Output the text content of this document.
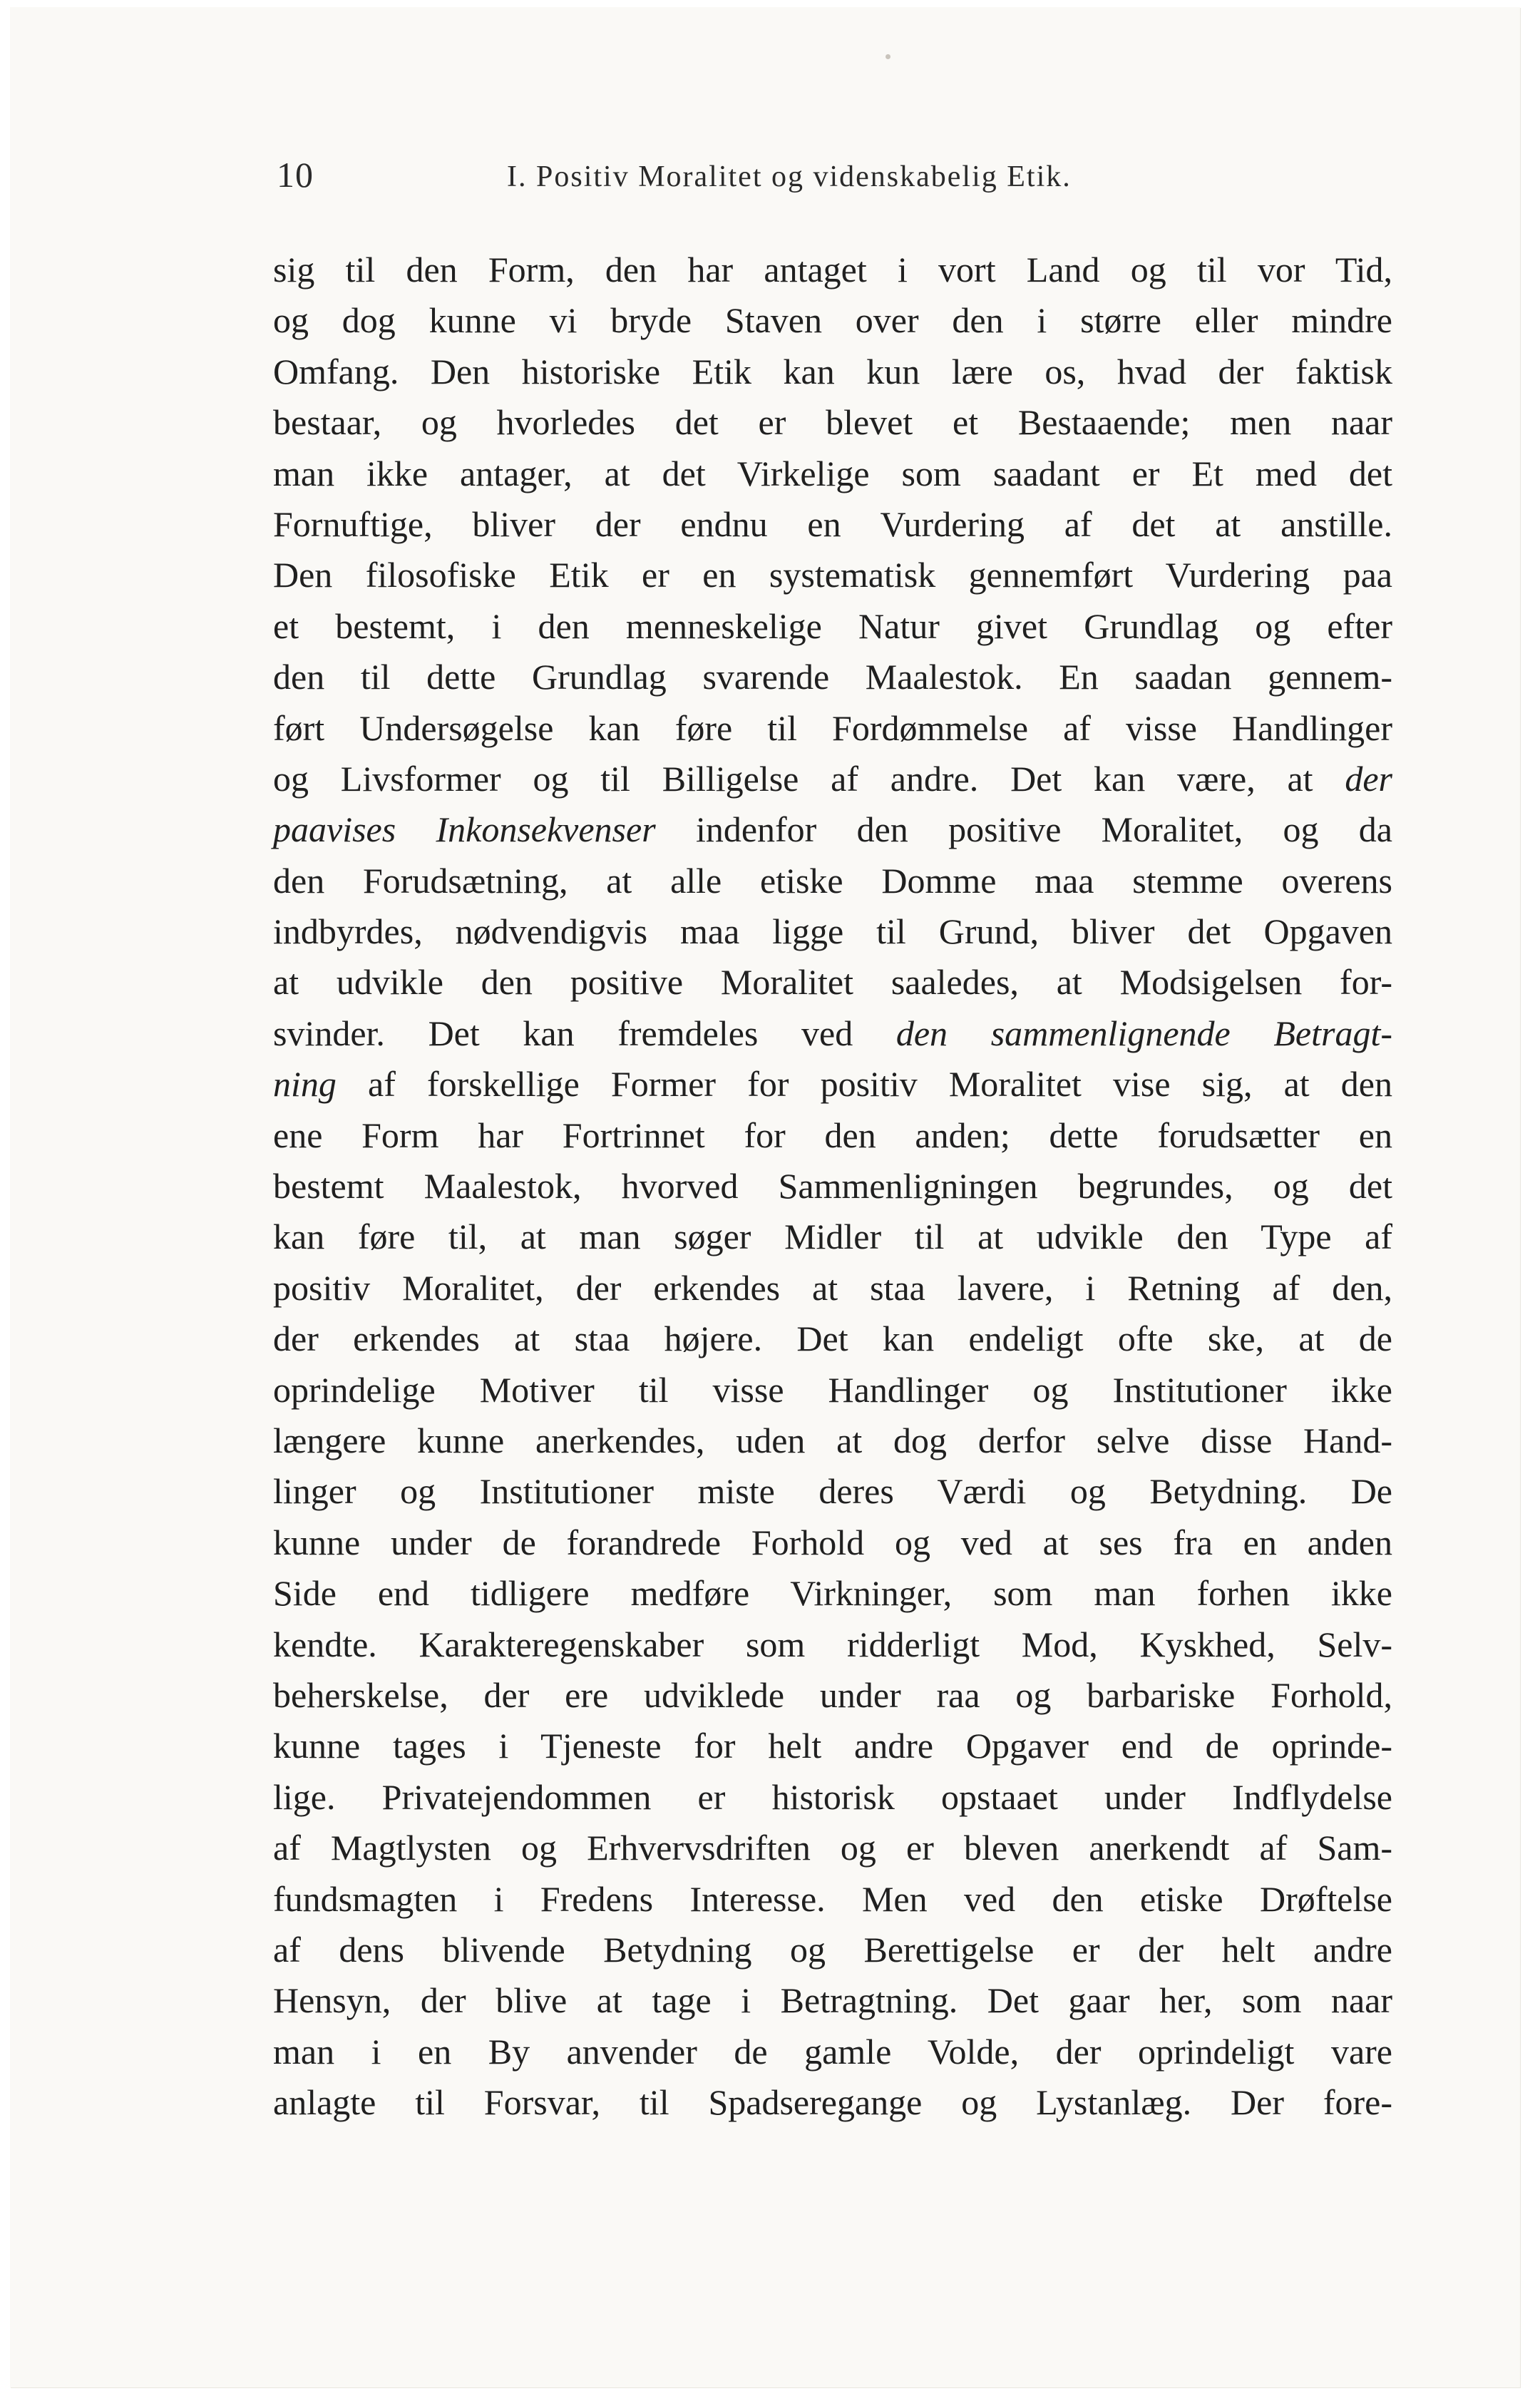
10	I. Positiv Moralitet og videnskabelig Etik.
sig til den Form, den har antaget i vort Land og til vor Tid,
og dog kunne vi bryde Staven over den i større eller mindre
Omfang. Den historiske Etik kan kun lære os, hvad der faktisk
bestaar, og hvorledes det er blevet et Bestaaende; men naar
man ikke antager, at det Virkelige som saadant er Et med det
Fornuftige, bliver der endnu en Vurdering af det at anstille.
Den filosofiske Etik er en systematisk gennemført Vurdering paa
et bestemt, i den menneskelige Natur givet Grundlag og efter
den til dette Grundlag svarende Maalestok. En saadan gennem-
ført Undersøgelse kan føre til Fordømmelse af visse Handlinger
og Livsformer og til Billigelse af andre. Det kan være, at der
paavises Inkonsekvenser indenfor den positive Moralitet, og da
den Forudsætning, at alle etiske Domme maa stemme overens
indbyrdes, nødvendigvis maa ligge til Grund, bliver det Opgaven
at udvikle den positive Moralitet saaledes, at Modsigelsen for-
svinder. Det kan fremdeles ved den sammenlignende Betragt-
ning af forskellige Former for positiv Moralitet vise sig, at den
ene Form har Fortrinnet for den anden; dette forudsætter en
bestemt Maalestok, hvorved Sammenligningen begrundes, og det
kan føre til, at man søger Midler til at udvikle den Type af
positiv Moralitet, der erkendes at staa lavere, i Retning af den,
der erkendes at staa højere. Det kan endeligt ofte ske, at de
oprindelige Motiver til visse Handlinger og Institutioner ikke
længere kunne anerkendes, uden at dog derfor selve disse Hand-
linger og Institutioner miste deres Værdi og Betydning. De
kunne under de forandrede Forhold og ved at ses fra en anden
Side end tidligere medføre Virkninger, som man forhen ikke
kendte. Karakteregenskaber som ridderligt Mod, Kyskhed, Selv-
beherskelse, der ere udviklede under raa og barbariske Forhold,
kunne tages i Tjeneste for helt andre Opgaver end de oprinde-
lige. Privatejendommen er historisk opstaaet under Indflydelse
af Magtlysten og Erhvervsdriften og er bleven anerkendt af Sam-
fundsmagten i Fredens Interesse. Men ved den etiske Drøftelse
af dens blivende Betydning og Berettigelse er der helt andre
Hensyn, der blive at tage i Betragtning. Det gaar her, som naar
man i en By anvender de gamle Volde, der oprindeligt vare
anlagte til Forsvar, til Spadseregange og Lystanlæg. Der fore-
